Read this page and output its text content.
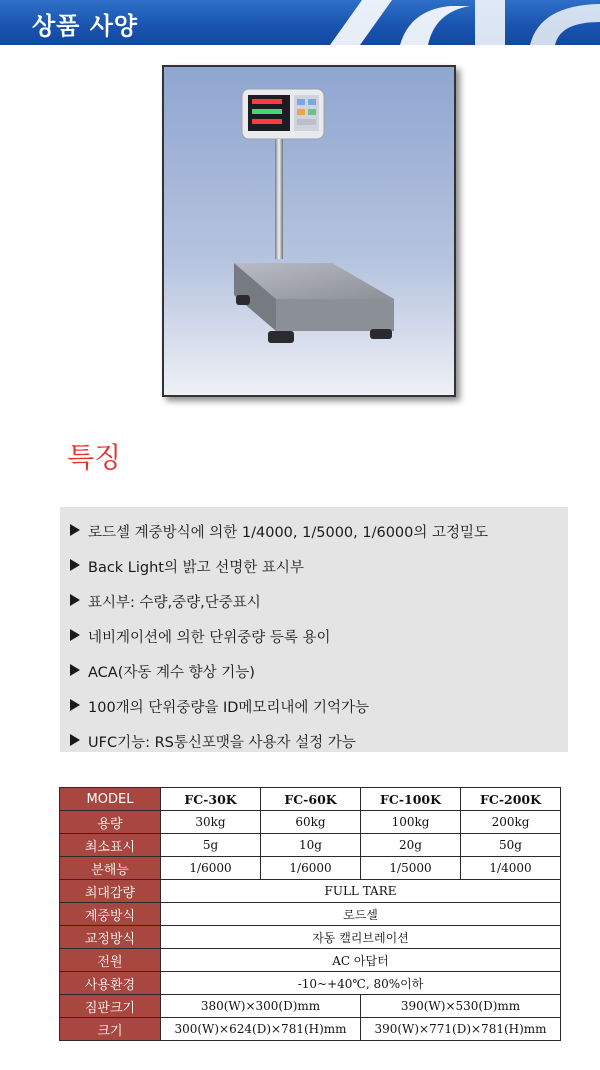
상품 사양
특징
로드셀 계중방식에 의한 1/4000, 1/5000, 1/6000의 고정밀도
Back Light의 밝고 선명한 표시부
표시부: 수량,중량,단중표시
네비게이션에 의한 단위중량 등록 용이
ACA(자동 계수 향상 기능)
100개의 단위중량을 ID메모리내에 기억가능
UFC기능: RS통신포맷을 사용자 설정 가능
MODEL	FC-30K	FC-60K	FC-100K	FC-200K
용량	30kg	60kg	100kg	200kg
최소표시	5g	10g	20g	50g
분해능	1/6000	1/6000	1/5000	1/4000
최대감량	FULL TARE			
계중방식	로드셀			
교정방식	자동 캘리브레이션			
전원	AC 아답터			
사용환경	-10~+40℃, 80%이하			
짐판크기	380(W)×300(D)mm		390(W)×530(D)mm	
크기	300(W)×624(D)×781(H)mm		390(W)×771(D)×781(H)mm	
